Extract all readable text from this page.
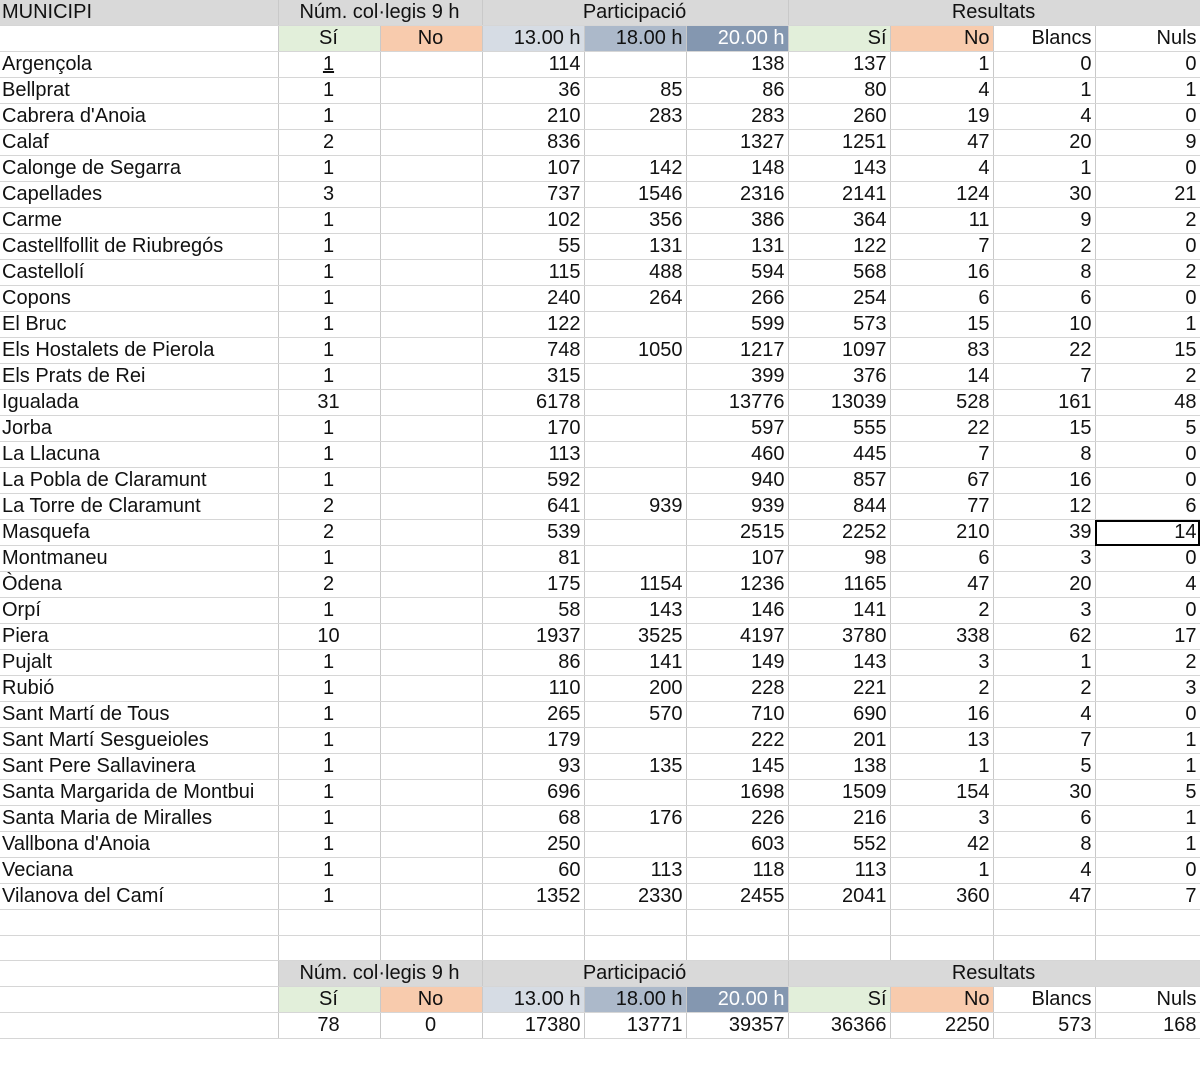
MUNICIPI	Núm. col·legis 9 h		Participació			Resultats			
	Sí	No	13.00 h	18.00 h	20.00 h	Sí	No	Blancs	Nuls
Argençola	1		114		138	137	1	0	0
Bellprat	1		36	85	86	80	4	1	1
Cabrera d'Anoia	1		210	283	283	260	19	4	0
Calaf	2		836		1327	1251	47	20	9
Calonge de Segarra	1		107	142	148	143	4	1	0
Capellades	3		737	1546	2316	2141	124	30	21
Carme	1		102	356	386	364	11	9	2
Castellfollit de Riubregós	1		55	131	131	122	7	2	0
Castellolí	1		115	488	594	568	16	8	2
Copons	1		240	264	266	254	6	6	0
El Bruc	1		122		599	573	15	10	1
Els Hostalets de Pierola	1		748	1050	1217	1097	83	22	15
Els Prats de Rei	1		315		399	376	14	7	2
Igualada	31		6178		13776	13039	528	161	48
Jorba	1		170		597	555	22	15	5
La Llacuna	1		113		460	445	7	8	0
La Pobla de Claramunt	1		592		940	857	67	16	0
La Torre de Claramunt	2		641	939	939	844	77	12	6
Masquefa	2		539		2515	2252	210	39	14
Montmaneu	1		81		107	98	6	3	0
Òdena	2		175	1154	1236	1165	47	20	4
Orpí	1		58	143	146	141	2	3	0
Piera	10		1937	3525	4197	3780	338	62	17
Pujalt	1		86	141	149	143	3	1	2
Rubió	1		110	200	228	221	2	2	3
Sant Martí de Tous	1		265	570	710	690	16	4	0
Sant Martí Sesgueioles	1		179		222	201	13	7	1
Sant Pere Sallavinera	1		93	135	145	138	1	5	1
Santa Margarida de Montbui	1		696		1698	1509	154	30	5
Santa Maria de Miralles	1		68	176	226	216	3	6	1
Vallbona d'Anoia	1		250		603	552	42	8	1
Veciana	1		60	113	118	113	1	4	0
Vilanova del Camí	1		1352	2330	2455	2041	360	47	7

	Núm. col·legis 9 h		Participació			Resultats			
	Sí	No	13.00 h	18.00 h	20.00 h	Sí	No	Blancs	Nuls
	78	0	17380	13771	39357	36366	2250	573	168
